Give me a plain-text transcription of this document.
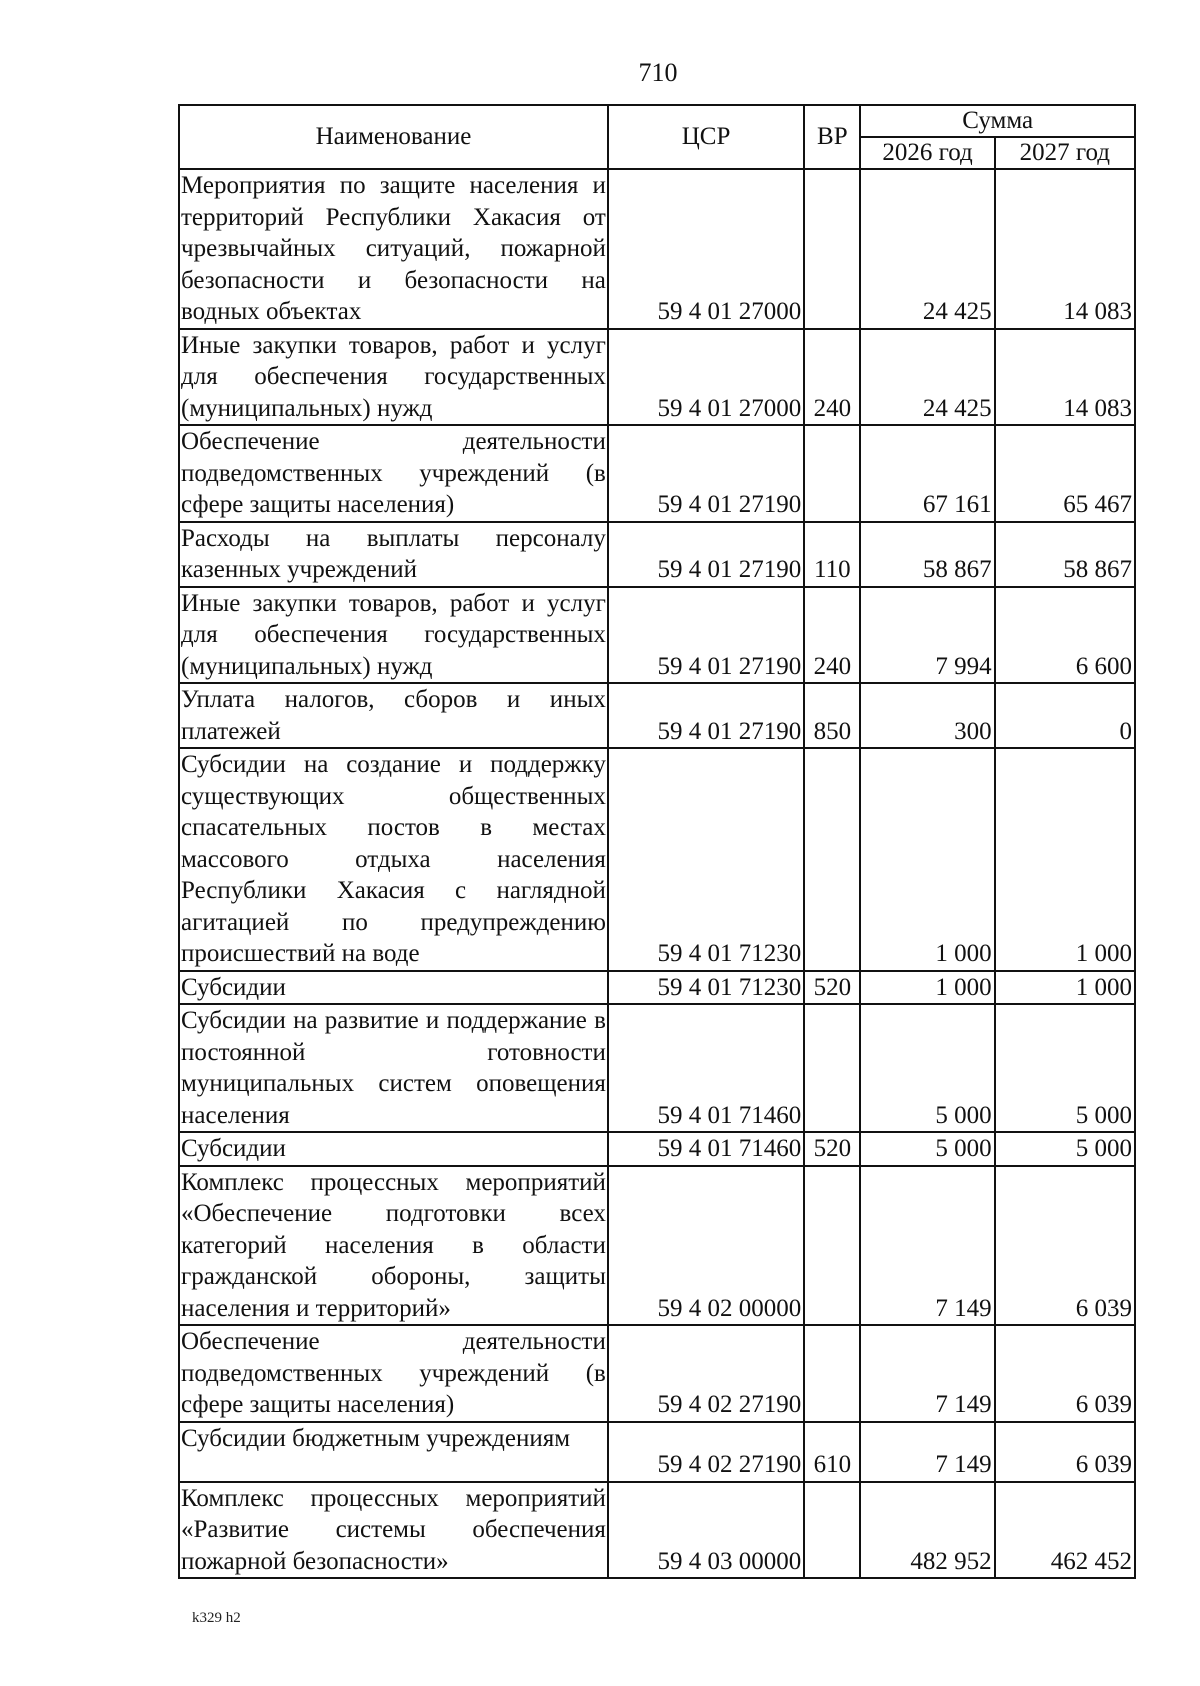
710
Наименование	ЦСР	ВР	Сумма	
			2026 год	2027 год
Мероприятия по защите населения и территорий Республики Хакасия от чрезвычайных ситуаций, пожарной безопасности и безопасности на водных объектах	59 4 01 27000		24 425	14 083
Иные закупки товаров, работ и услуг для обеспечения государственных (муниципальных) нужд	59 4 01 27000	240	24 425	14 083
Обеспечение деятельности подведомственных учреждений (в сфере защиты населения)	59 4 01 27190		67 161	65 467
Расходы на выплаты персоналу казенных учреждений	59 4 01 27190	110	58 867	58 867
Иные закупки товаров, работ и услуг для обеспечения государственных (муниципальных) нужд	59 4 01 27190	240	7 994	6 600
Уплата налогов, сборов и иных платежей	59 4 01 27190	850	300	0
Субсидии на создание и поддержку существующих общественных спасательных постов в местах массового отдыха населения Республики Хакасия с наглядной агитацией по предупреждению происшествий на воде	59 4 01 71230		1 000	1 000
Субсидии	59 4 01 71230	520	1 000	1 000
Субсидии на развитие и поддержание в постоянной готовности муниципальных систем оповещения населения	59 4 01 71460		5 000	5 000
Субсидии	59 4 01 71460	520	5 000	5 000
Комплекс процессных мероприятий «Обеспечение подготовки всех категорий населения в области гражданской обороны, защиты населения и территорий»	59 4 02 00000		7 149	6 039
Обеспечение деятельности подведомственных учреждений (в сфере защиты населения)	59 4 02 27190		7 149	6 039
Субсидии бюджетным учреждениям	59 4 02 27190	610	7 149	6 039
Комплекс процессных мероприятий «Развитие системы обеспечения пожарной безопасности»	59 4 03 00000		482 952	462 452
k329 h2
